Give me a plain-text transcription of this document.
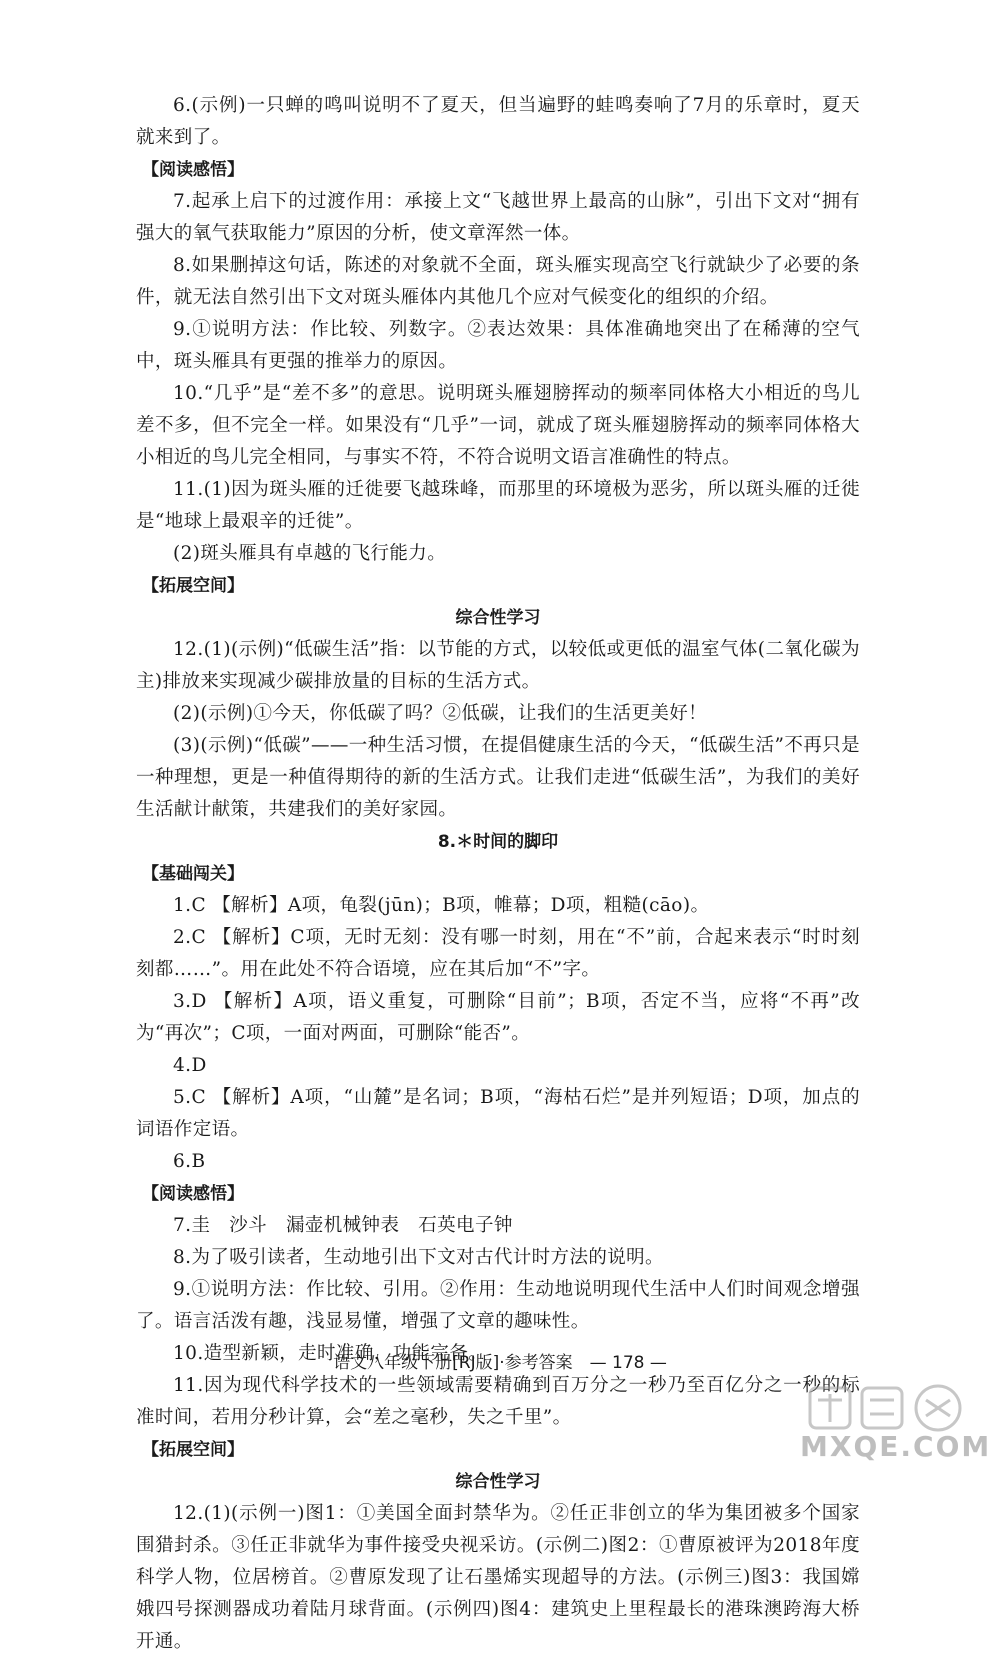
6.(示例)一只蝉的鸣叫说明不了夏天，但当遍野的蛙鸣奏响了7月的乐章时，夏天就来到了。
【阅读感悟】
7.起承上启下的过渡作用：承接上文“飞越世界上最高的山脉”，引出下文对“拥有强大的氧气获取能力”原因的分析，使文章浑然一体。
8.如果删掉这句话，陈述的对象就不全面，斑头雁实现高空飞行就缺少了必要的条件，就无法自然引出下文对斑头雁体内其他几个应对气候变化的组织的介绍。
9.①说明方法：作比较、列数字。②表达效果：具体准确地突出了在稀薄的空气中，斑头雁具有更强的推举力的原因。
10.“几乎”是“差不多”的意思。说明斑头雁翅膀挥动的频率同体格大小相近的鸟儿差不多，但不完全一样。如果没有“几乎”一词，就成了斑头雁翅膀挥动的频率同体格大小相近的鸟儿完全相同，与事实不符，不符合说明文语言准确性的特点。
11.(1)因为斑头雁的迁徙要飞越珠峰，而那里的环境极为恶劣，所以斑头雁的迁徙是“地球上最艰辛的迁徙”。
(2)斑头雁具有卓越的飞行能力。
【拓展空间】
综合性学习
12.(1)(示例)“低碳生活”指：以节能的方式，以较低或更低的温室气体(二氧化碳为主)排放来实现减少碳排放量的目标的生活方式。
(2)(示例)①今天，你低碳了吗？②低碳，让我们的生活更美好！
(3)(示例)“低碳”——一种生活习惯，在提倡健康生活的今天，“低碳生活”不再只是一种理想，更是一种值得期待的新的生活方式。让我们走进“低碳生活”，为我们的美好生活献计献策，共建我们的美好家园。
8.＊时间的脚印
【基础闯关】
1.C 【解析】A项，龟裂(jūn)；B项，帷幕；D项，粗糙(cāo)。
2.C 【解析】C项，无时无刻：没有哪一时刻，用在“不”前，合起来表示“时时刻刻都……”。用在此处不符合语境，应在其后加“不”字。
3.D 【解析】A项，语义重复，可删除“目前”；B项，否定不当，应将“不再”改为“再次”；C项，一面对两面，可删除“能否”。
4.D
5.C 【解析】A项，“山麓”是名词；B项，“海枯石烂”是并列短语；D项，加点的词语作定语。
6.B
【阅读感悟】
7.圭　沙斗　漏壶机械钟表　石英电子钟
8.为了吸引读者，生动地引出下文对古代计时方法的说明。
9.①说明方法：作比较、引用。②作用：生动地说明现代生活中人们时间观念增强了。语言活泼有趣，浅显易懂，增强了文章的趣味性。
10.造型新颖，走时准确，功能完备。
11.因为现代科学技术的一些领域需要精确到百万分之一秒乃至百亿分之一秒的标准时间，若用分秒计算，会“差之毫秒，失之千里”。
【拓展空间】
综合性学习
12.(1)(示例一)图1：①美国全面封禁华为。②任正非创立的华为集团被多个国家围猎封杀。③任正非就华为事件接受央视采访。(示例二)图2：①曹原被评为2018年度科学人物，位居榜首。②曹原发现了让石墨烯实现超导的方法。(示例三)图3：我国嫦娥四号探测器成功着陆月球背面。(示例四)图4：建筑史上里程最长的港珠澳跨海大桥开通。
语文八年级下册[RJ版]·参考答案　— 178 —
MXQE.COM
